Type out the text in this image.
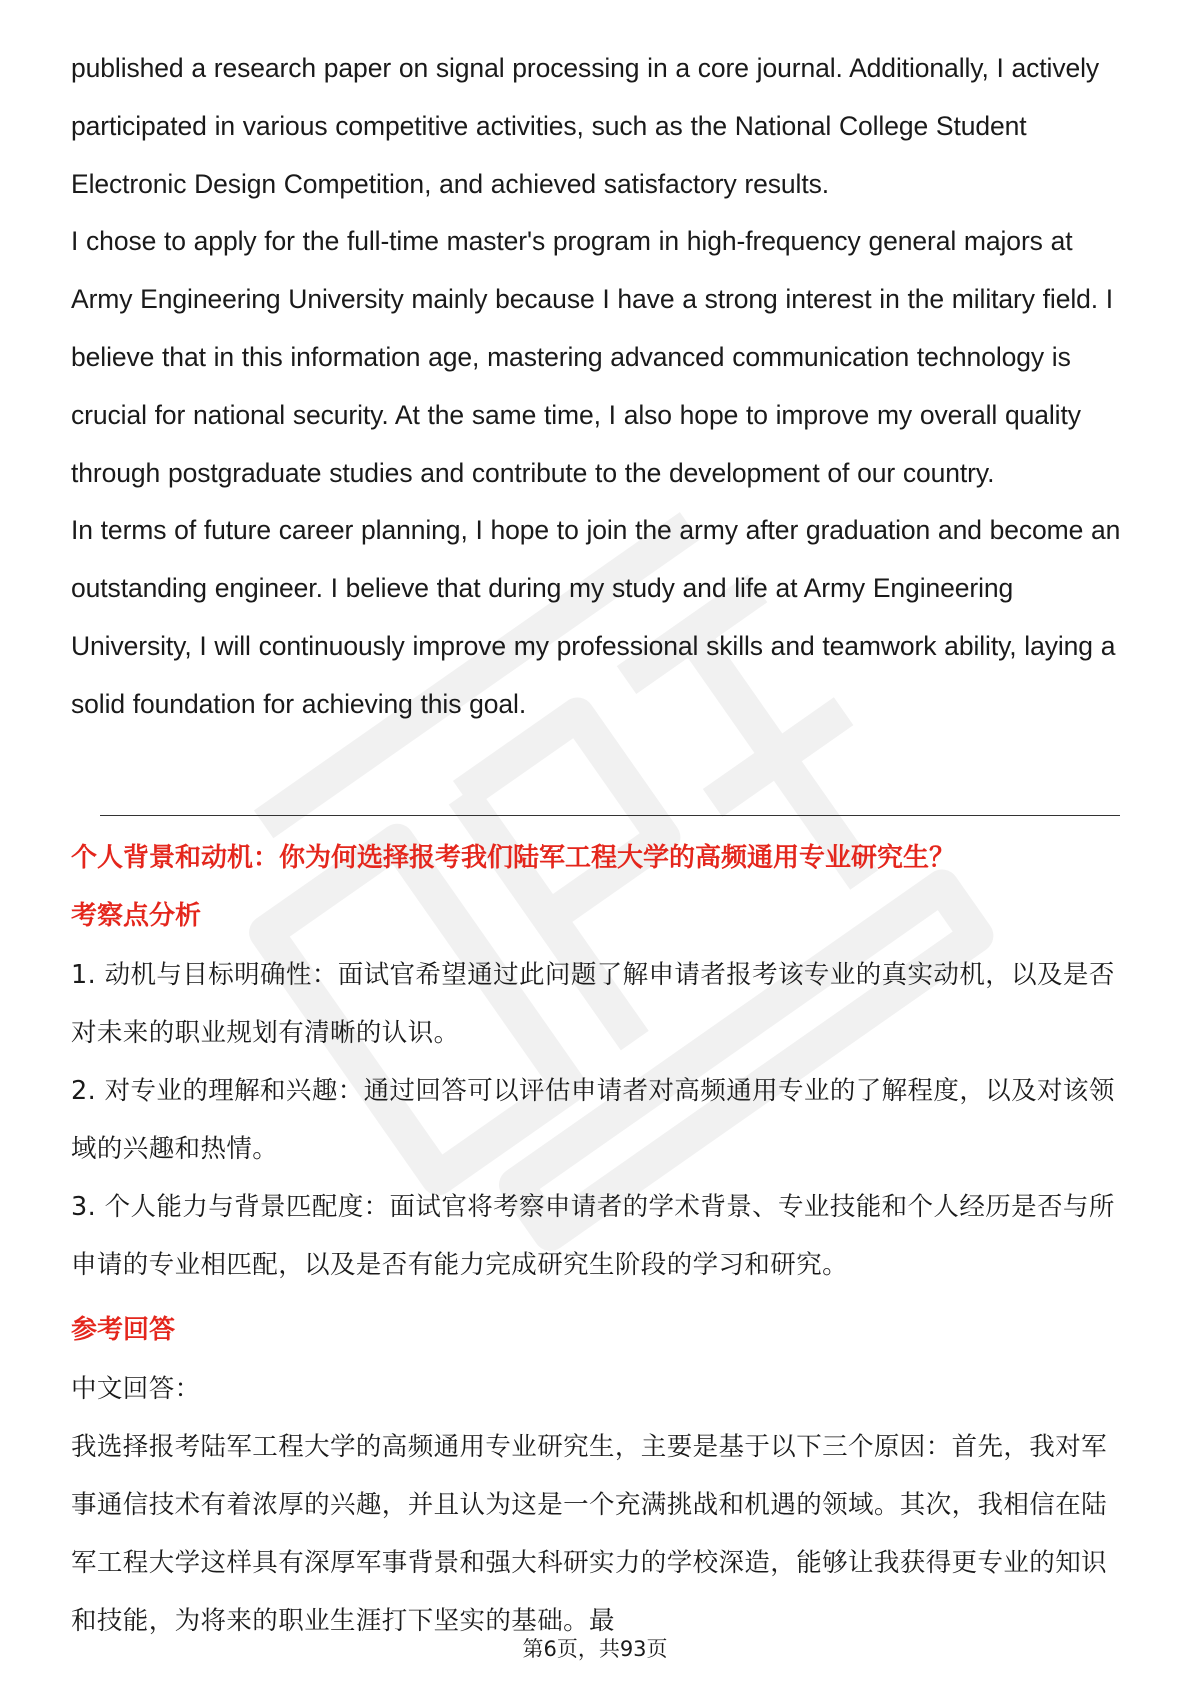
published a research paper on signal processing in a core journal. Additionally, I actively participated in various competitive activities, such as the National College Student Electronic Design Competition, and achieved satisfactory results.

I chose to apply for the full-time master's program in high-frequency general majors at Army Engineering University mainly because I have a strong interest in the military field. I believe that in this information age, mastering advanced communication technology is crucial for national security. At the same time, I also hope to improve my overall quality through postgraduate studies and contribute to the development of our country.

In terms of future career planning, I hope to join the army after graduation and become an outstanding engineer. I believe that during my study and life at Army Engineering University, I will continuously improve my professional skills and teamwork ability, laying a solid foundation for achieving this goal.

个人背景和动机：你为何选择报考我们陆军工程大学的高频通用专业研究生？

考察点分析

1. 动机与目标明确性：面试官希望通过此问题了解申请者报考该专业的真实动机，以及是否对未来的职业规划有清晰的认识。

2. 对专业的理解和兴趣：通过回答可以评估申请者对高频通用专业的了解程度，以及对该领域的兴趣和热情。

3. 个人能力与背景匹配度：面试官将考察申请者的学术背景、专业技能和个人经历是否与所申请的专业相匹配，以及是否有能力完成研究生阶段的学习和研究。

参考回答

中文回答：

我选择报考陆军工程大学的高频通用专业研究生，主要是基于以下三个原因：首先，我对军事通信技术有着浓厚的兴趣，并且认为这是一个充满挑战和机遇的领域。其次，我相信在陆军工程大学这样具有深厚军事背景和强大科研实力的学校深造，能够让我获得更专业的知识和技能，为将来的职业生涯打下坚实的基础。最

第6页，共93页
